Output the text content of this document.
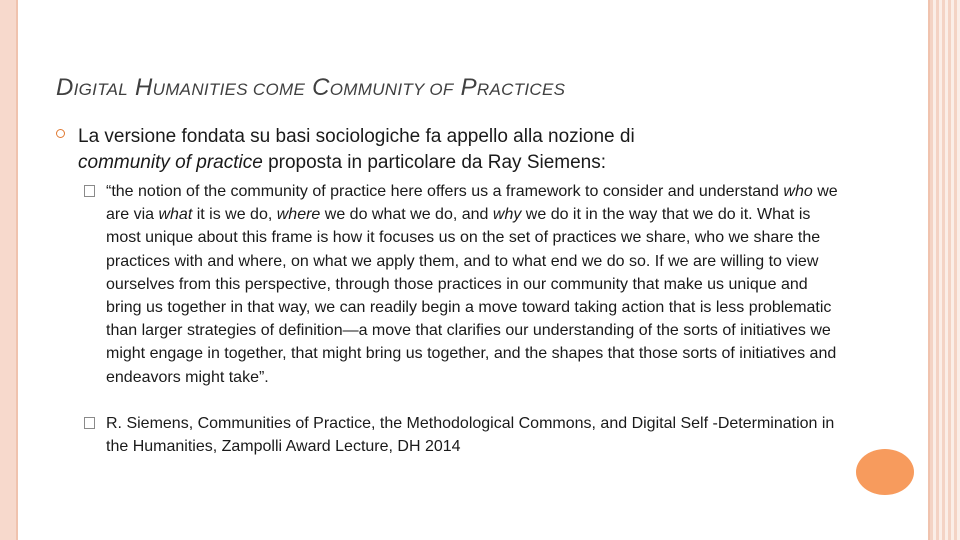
DIGITAL HUMANITIES COME COMMUNITY OF PRACTICES
La versione fondata su basi sociologiche fa appello alla nozione di
community of practice proposta in particolare da Ray Siemens:
“the notion of the community of practice here offers us a framework to consider and understand who we are via what it is we do, where we do what we do, and why we do it in the way that we do it. What is most unique about this frame is how it focuses us on the set of practices we share, who we share the practices with and where, on what we apply them, and to what end we do so. If we are willing to view ourselves from this perspective, through those practices in our community that make us unique and bring us together in that way, we can readily begin a move toward taking action that is less problematic than larger strategies of definition—a move that clarifies our understanding of the sorts of initiatives we might engage in together, that might bring us together, and the shapes that those sorts of initiatives and endeavors might take”.
R. Siemens, Communities of Practice, the Methodological Commons, and Digital Self -Determination in the Humanities, Zampolli Award Lecture, DH 2014
